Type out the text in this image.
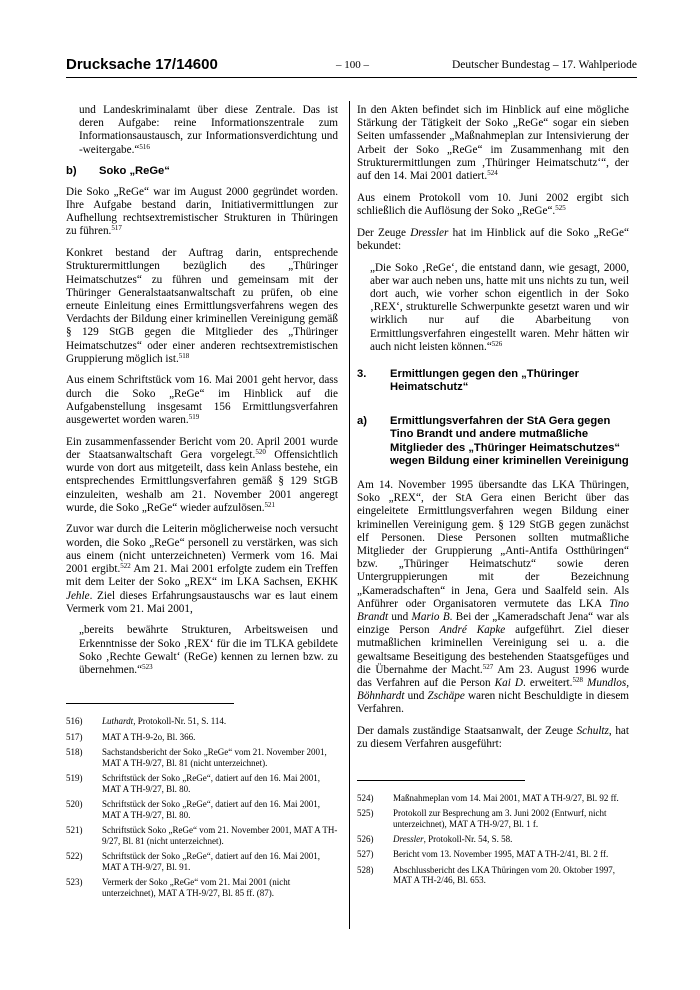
Drucksache 17/14600	– 100 –	Deutscher Bundestag – 17. Wahlperiode

und Landeskriminalamt über diese Zentrale. Das ist deren Aufgabe: reine Informationszentrale zum Informationsaustausch, zur Informationsverdichtung und -weitergabe.“$^{516}$

b)	Soko „ReGe“

Die Soko „ReGe“ war im August 2000 gegründet worden. Ihre Aufgabe bestand darin, Initiativermittlungen zur Aufhellung rechtsextremistischer Strukturen in Thüringen zu führen.$^{517}$

Konkret bestand der Auftrag darin, entsprechende Strukturermittlungen bezüglich des „Thüringer Heimatschutzes“ zu führen und gemeinsam mit der Thüringer Generalstaatsanwaltschaft zu prüfen, ob eine erneute Einleitung eines Ermittlungsverfahrens wegen des Verdachts der Bildung einer kriminellen Vereinigung gemäß § 129 StGB gegen die Mitglieder des „Thüringer Heimatschutzes“ oder einer anderen rechtsextremistischen Gruppierung möglich ist.$^{518}$

Aus einem Schriftstück vom 16. Mai 2001 geht hervor, dass durch die Soko „ReGe“ im Hinblick auf die Aufgabenstellung insgesamt 156 Ermittlungsverfahren ausgewertet worden waren.$^{519}$

Ein zusammenfassender Bericht vom 20. April 2001 wurde der Staatsanwaltschaft Gera vorgelegt.$^{520}$ Offensichtlich wurde von dort aus mitgeteilt, dass kein Anlass bestehe, ein entsprechendes Ermittlungsverfahren gemäß § 129 StGB einzuleiten, weshalb am 21. November 2001 angeregt wurde, die Soko „ReGe“ wieder aufzulösen.$^{521}$

Zuvor war durch die Leiterin möglicherweise noch versucht worden, die Soko „ReGe“ personell zu verstärken, was sich aus einem (nicht unterzeichneten) Vermerk vom 16. Mai 2001 ergibt.$^{522}$ Am 21. Mai 2001 erfolgte zudem ein Treffen mit dem Leiter der Soko „REX“ im LKA Sachsen, EKHK Jehle. Ziel dieses Erfahrungsaustauschs war es laut einem Vermerk vom 21. Mai 2001,

„bereits bewährte Strukturen, Arbeitsweisen und Erkenntnisse der Soko ‚REX‘ für die im TLKA gebildete Soko ‚Rechte Gewalt‘ (ReGe) kennen zu lernen bzw. zu übernehmen.“$^{523}$

516)	Luthardt, Protokoll-Nr. 51, S. 114.
517)	MAT A TH-9-2o, Bl. 366.
518)	Sachstandsbericht der Soko „ReGe“ vom 21. November 2001, MAT A TH-9/27, Bl. 81 (nicht unterzeichnet).
519)	Schriftstück der Soko „ReGe“, datiert auf den 16. Mai 2001, MAT A TH-9/27, Bl. 80.
520)	Schriftstück der Soko „ReGe“, datiert auf den 16. Mai 2001, MAT A TH-9/27, Bl. 80.
521)	Schriftstück Soko „ReGe“ vom 21. November 2001, MAT A TH-9/27, Bl. 81 (nicht unterzeichnet).
522)	Schriftstück der Soko „ReGe“, datiert auf den 16. Mai 2001, MAT A TH-9/27, Bl. 91.
523)	Vermerk der Soko „ReGe“ vom 21. Mai 2001 (nicht unterzeichnet), MAT A TH-9/27, Bl. 85 ff. (87).

In den Akten befindet sich im Hinblick auf eine mögliche Stärkung der Tätigkeit der Soko „ReGe“ sogar ein sieben Seiten umfassender „Maßnahmeplan zur Intensivierung der Arbeit der Soko „ReGe“ im Zusammenhang mit den Strukturermittlungen zum ‚Thüringer Heimatschutz‘“, der auf den 14. Mai 2001 datiert.$^{524}$

Aus einem Protokoll vom 10. Juni 2002 ergibt sich schließlich die Auflösung der Soko „ReGe“.$^{525}$

Der Zeuge Dressler hat im Hinblick auf die Soko „ReGe“ bekundet:

„Die Soko ‚ReGe‘, die entstand dann, wie gesagt, 2000, aber war auch neben uns, hatte mit uns nichts zu tun, weil dort auch, wie vorher schon eigentlich in der Soko ‚REX‘, strukturelle Schwerpunkte gesetzt waren und wir wirklich nur auf die Abarbeitung von Ermittlungsverfahren eingestellt waren. Mehr hätten wir auch nicht leisten können.“$^{526}$

3.	Ermittlungen gegen den „Thüringer Heimatschutz“
a)	Ermittlungsverfahren der StA Gera gegen Tino Brandt und andere mutmaßliche Mitglieder des „Thüringer Heimatschutzes“ wegen Bildung einer kriminellen Vereinigung

Am 14. November 1995 übersandte das LKA Thüringen, Soko „REX“, der StA Gera einen Bericht über das eingeleitete Ermittlungsverfahren wegen Bildung einer kriminellen Vereinigung gem. § 129 StGB gegen zunächst elf Personen. Diese Personen sollten mutmaßliche Mitglieder der Gruppierung „Anti-Antifa Ostthüringen“ bzw. „Thüringer Heimatschutz“ sowie deren Untergruppierungen mit der Bezeichnung „Kameradschaften“ in Jena, Gera und Saalfeld sein. Als Anführer oder Organisatoren vermutete das LKA Tino Brandt und Mario B. Bei der „Kameradschaft Jena“ war als einzige Person André Kapke aufgeführt. Ziel dieser mutmaßlichen kriminellen Vereinigung sei u. a. die gewaltsame Beseitigung des bestehenden Staatsgefüges und die Übernahme der Macht.$^{527}$ Am 23. August 1996 wurde das Verfahren auf die Person Kai D. erweitert.$^{528}$ Mundlos, Böhnhardt und Zschäpe waren nicht Beschuldigte in diesem Verfahren.

Der damals zuständige Staatsanwalt, der Zeuge Schultz, hat zu diesem Verfahren ausgeführt:

524)	Maßnahmeplan vom 14. Mai 2001, MAT A TH-9/27, Bl. 92 ff.
525)	Protokoll zur Besprechung am 3. Juni 2002 (Entwurf, nicht unterzeichnet), MAT A TH-9/27, Bl. 1 f.
526)	Dressler, Protokoll-Nr. 54, S. 58.
527)	Bericht vom 13. November 1995, MAT A TH-2/41, Bl. 2 ff.
528)	Abschlussbericht des LKA Thüringen vom 20. Oktober 1997, MAT A TH-2/46, Bl. 653.
